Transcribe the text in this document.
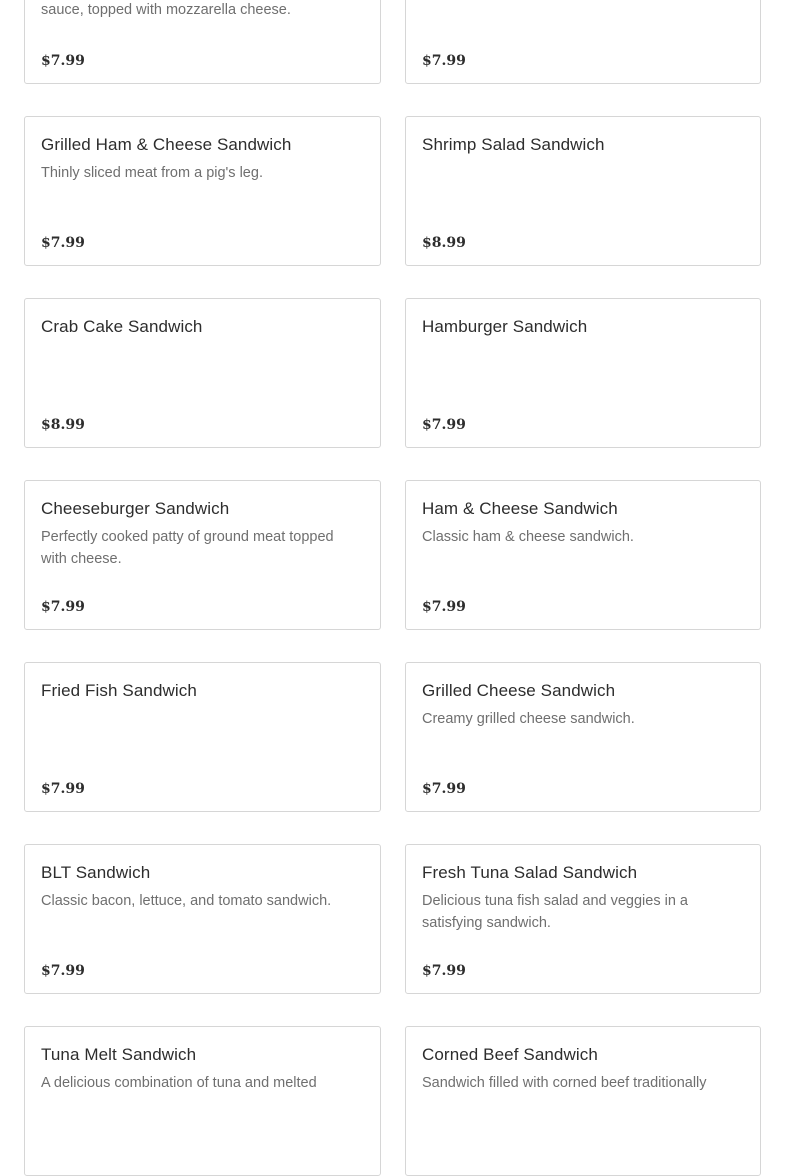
sauce, topped with mozzarella cheese.
$7.99	$7.99
Grilled Ham & Cheese Sandwich
Thinly sliced meat from a pig's leg.
$7.99
Shrimp Salad Sandwich
$8.99
Crab Cake Sandwich
$8.99
Hamburger Sandwich
$7.99
Cheeseburger Sandwich
Perfectly cooked patty of ground meat topped with cheese.
$7.99
Ham & Cheese Sandwich
Classic ham & cheese sandwich.
$7.99
Fried Fish Sandwich
$7.99
Grilled Cheese Sandwich
Creamy grilled cheese sandwich.
$7.99
BLT Sandwich
Classic bacon, lettuce, and tomato sandwich.
$7.99
Fresh Tuna Salad Sandwich
Delicious tuna fish salad and veggies in a satisfying sandwich.
$7.99
Tuna Melt Sandwich
A delicious combination of tuna and melted
Corned Beef Sandwich
Sandwich filled with corned beef traditionally
